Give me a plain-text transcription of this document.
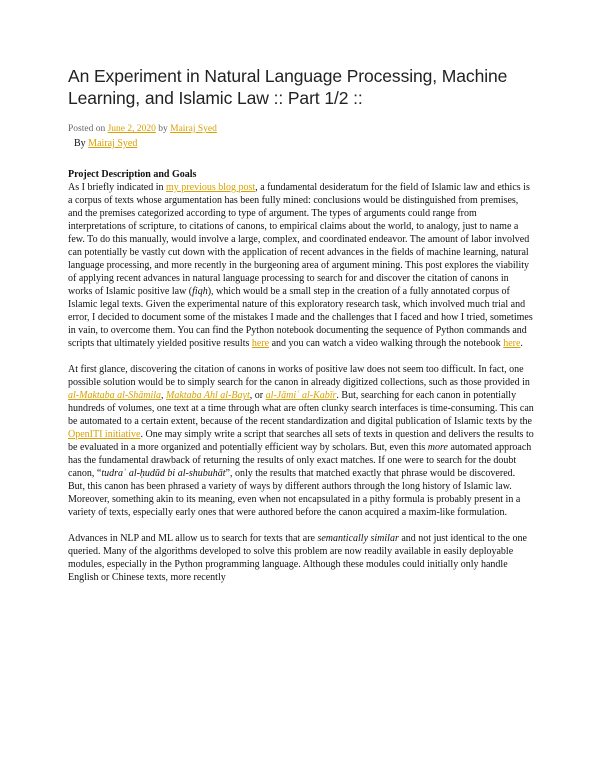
An Experiment in Natural Language Processing, Machine Learning, and Islamic Law :: Part 1/2 ::
Posted on June 2, 2020 by Mairaj Syed
By Mairaj Syed
Project Description and Goals

As I briefly indicated in my previous blog post, a fundamental desideratum for the field of Islamic law and ethics is a corpus of texts whose argumentation has been fully mined: conclusions would be distinguished from premises, and the premises categorized according to type of argument. The types of arguments could range from interpretations of scripture, to citations of canons, to empirical claims about the world, to analogy, just to name a few. To do this manually, would involve a large, complex, and coordinated endeavor. The amount of labor involved can potentially be vastly cut down with the application of recent advances in the fields of machine learning, natural language processing, and more recently in the burgeoning area of argument mining. This post explores the viability of applying recent advances in natural language processing to search for and discover the citation of canons in works of Islamic positive law (fiqh), which would be a small step in the creation of a fully annotated corpus of Islamic legal texts. Given the experimental nature of this exploratory research task, which involved much trial and error, I decided to document some of the mistakes I made and the challenges that I faced and how I tried, sometimes in vain, to overcome them. You can find the Python notebook documenting the sequence of Python commands and scripts that ultimately yielded positive results here and you can watch a video walking through the notebook here.

At first glance, discovering the citation of canons in works of positive law does not seem too difficult. In fact, one possible solution would be to simply search for the canon in already digitized collections, such as those provided in al-Maktaba al-Shāmila, Maktaba Ahl al-Bayt, or al-Jāmiʿ al-Kabīr. But, searching for each canon in potentially hundreds of volumes, one text at a time through what are often clunky search interfaces is time-consuming. This can be automated to a certain extent, because of the recent standardization and digital publication of Islamic texts by the OpenITI initiative. One may simply write a script that searches all sets of texts in question and delivers the results to be evaluated in a more organized and potentially efficient way by scholars. But, even this more automated approach has the fundamental drawback of returning the results of only exact matches. If one were to search for the doubt canon, “tudraʾ al-ḥudūd bi al-shubuhāt”, only the results that matched exactly that phrase would be discovered. But, this canon has been phrased a variety of ways by different authors through the long history of Islamic law. Moreover, something akin to its meaning, even when not encapsulated in a pithy formula is probably present in a variety of texts, especially early ones that were authored before the canon acquired a maxim-like formulation.

Advances in NLP and ML allow us to search for texts that are semantically similar and not just identical to the one queried. Many of the algorithms developed to solve this problem are now readily available in easily deployable modules, especially in the Python programming language. Although these modules could initially only handle English or Chinese texts, more recently
